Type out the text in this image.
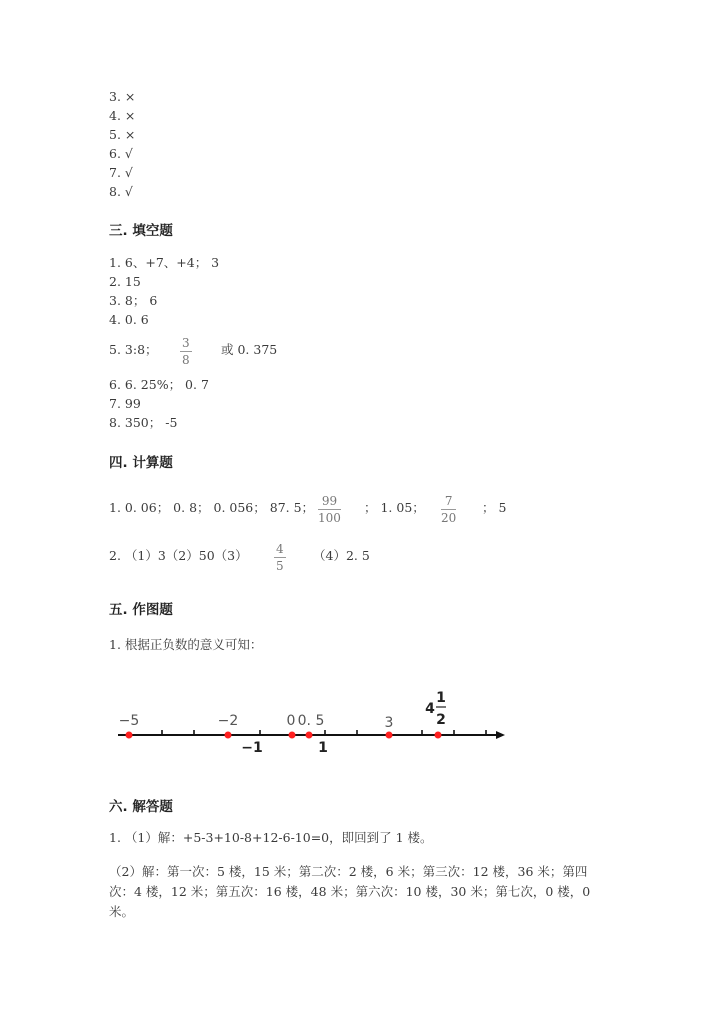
3. ×
4. ×
5. ×
6. √
7. √
8. √
三. 填空题
1. 6、+7、+4； 3
2. 15
3. 8； 6
4. 0. 6
5. 3:8； $\frac{3}{8}$ 或 0. 375
6. 6. 25%； 0. 7
7. 99
8. 350； -5
四. 计算题
1. 0. 06； 0. 8； 0. 056； 87. 5； $\frac{99}{100}$ ； 1. 05； $\frac{7}{20}$ ； 5
2. $(1)3(2)50(3) \frac{4}{5} (4)2$. 5
五. 作图题
1. 根据正负数的意义可知：
−5	−2	0 0. 5	3
4
1
2
−1	1
六. 解答题
1. （1）解：+5-3+10-8+12-6-10=0，即回到了 1 楼。
（2）解：第一次：5 楼，15 米；第二次：2 楼，6 米；第三次：12 楼，36 米；第四次：4 楼，12 米；第五次：16 楼，48 米；第六次：10 楼，30 米；第七次，0 楼，0 米。
